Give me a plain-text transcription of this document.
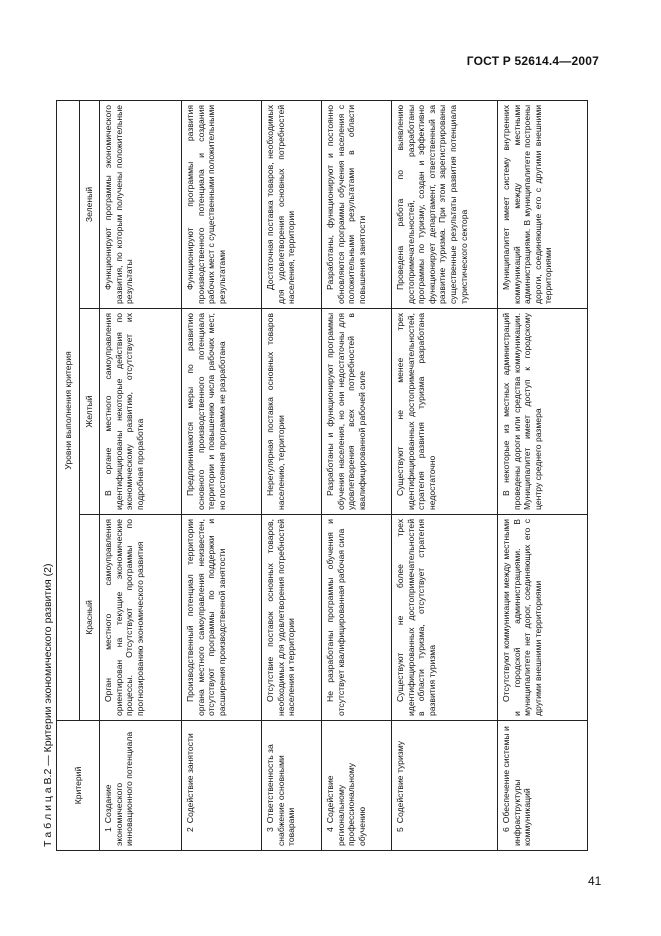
ГОСТ Р 52614.4—2007
Т а б л и ц а В.2 — Критерии экономического развития (2) Критерий	Уровни выполнения критерия		
	Красный	Желтый	Зеленый
1Создание экономического инновационного потенциала	Орган местного самоуправления ориентирован на текущие экономические процессы. Отсутствуют программы по прогнозированию экономического развития	В органе местного самоуправления идентифицированы некоторые действия по экономическому развитию, отсутствует их подробная проработка	Функционируют программы экономического развития, по которым получены положительные результаты
2Содействие занятости	Производственный потенциал территории органа местного самоуправления неизвестен, отсутствуют программы по поддержки и расширения производственной занятости	Предпринимаются меры по развитию основного производственного потенциала территории и повышению числа рабочих мест, но постоянная программа не разработана	Функционируют программы развития производственного потенциала и создания рабочих мест с существенными положительными результатами
3Ответственность за снабжение основными товарами	Отсутствие поставок основных товаров, необходимых для удовлетворения потребностей населения и территории	Нерегулярная поставка основных товаров населению, территории	Достаточная поставка товаров, необходимых для удовлетворения основных потребностей населения, территории
4Содействие региональному профессиональному обучению	Не разработаны программы обучения и отсутствует квалифицированная рабочая сила	Разработаны и функционируют программы обучения населения, но они недостаточны для удовлетворения всех потребностей в квалифицированной рабочей силе	Разработаны, функционируют и постоянно обновляются программы обучения населения с положительными результатами в области повышения занятости
5Содействие туризму	Существуют не более трех идентифицированных достопримечательностей в области туризма, отсутствует стратегия развития туризма	Существуют не менее трех идентифицированных достопримечательностей, стратегия развития туризма разработана недостаточно	Проведена работа по выявлению достопримечательностей, разработаны программы по туризму, создан и эффективно функционирует департамент, ответственный за развитие туризма. При этом зарегистрированы существенные результаты развития потенциала туристического сектора
6Обеспечение системы и инфраструктуры коммуникаций	Отсутствуют коммуникации между местными и городской администрациями. В муниципалитете нет дорог, соединяющих его с другими внешними территориями	В некоторые из местных администраций проведены дороги или средства коммуникации. Муниципалитет имеет доступ к городскому центру среднего размера	Муниципалитет имеет систему внутренних коммуникаций между местными администрациями. В муниципалитете построены дороги, соединяющие его с другими внешними территориями
41
